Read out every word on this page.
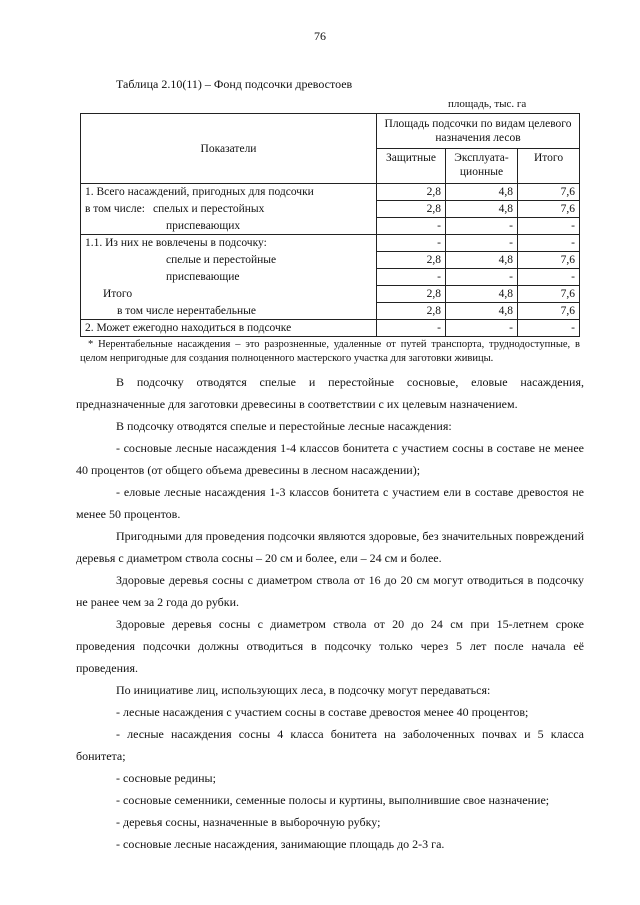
76
Таблица 2.10(11) – Фонд подсочки древостоев
площадь, тыс. га
Показатели	Площадь подсочки по видам целевого назначения лесов		
	Защитные	Эксплуата-ционные	Итого
1. Всего насаждений, пригодных для подсочки	2,8	4,8	7,6
в том числе: спелых и перестойных	2,8	4,8	7,6
приспевающих	-	-	-
1.1. Из них не вовлечены в подсочку:	-	-	-
спелые и перестойные	2,8	4,8	7,6
приспевающие	-	-	-
Итого	2,8	4,8	7,6
в том числе нерентабельные	2,8	4,8	7,6
2. Может ежегодно находиться в подсочке	-	-	-
* Нерентабельные насаждения – это разрозненные, удаленные от путей транспорта, труднодоступные, в целом непригодные для создания полноценного мастерского участка для заготовки живицы.

В подсочку отводятся спелые и перестойные сосновые, еловые насаждения, предназначенные для заготовки древесины в соответствии с их целевым назначением.

В подсочку отводятся спелые и перестойные лесные насаждения:

- сосновые лесные насаждения 1-4 классов бонитета с участием сосны в составе не менее 40 процентов (от общего объема древесины в лесном насаждении);

- еловые лесные насаждения 1-3 классов бонитета с участием ели в составе древостоя не менее 50 процентов.

Пригодными для проведения подсочки являются здоровые, без значительных повреждений деревья с диаметром ствола сосны – 20 см и более, ели – 24 см и более.

Здоровые деревья сосны с диаметром ствола от 16 до 20 см могут отводиться в подсочку не ранее чем за 2 года до рубки.

Здоровые деревья сосны с диаметром ствола от 20 до 24 см при 15-летнем сроке проведения подсочки должны отводиться в подсочку только через 5 лет после начала её проведения.

По инициативе лиц, использующих леса, в подсочку могут передаваться:

- лесные насаждения с участием сосны в составе древостоя менее 40 процентов;

- лесные насаждения сосны 4 класса бонитета на заболоченных почвах и 5 класса бонитета;

- сосновые редины;

- сосновые семенники, семенные полосы и куртины, выполнившие свое назначение;

- деревья сосны, назначенные в выборочную рубку;

- сосновые лесные насаждения, занимающие площадь до 2-3 га.
